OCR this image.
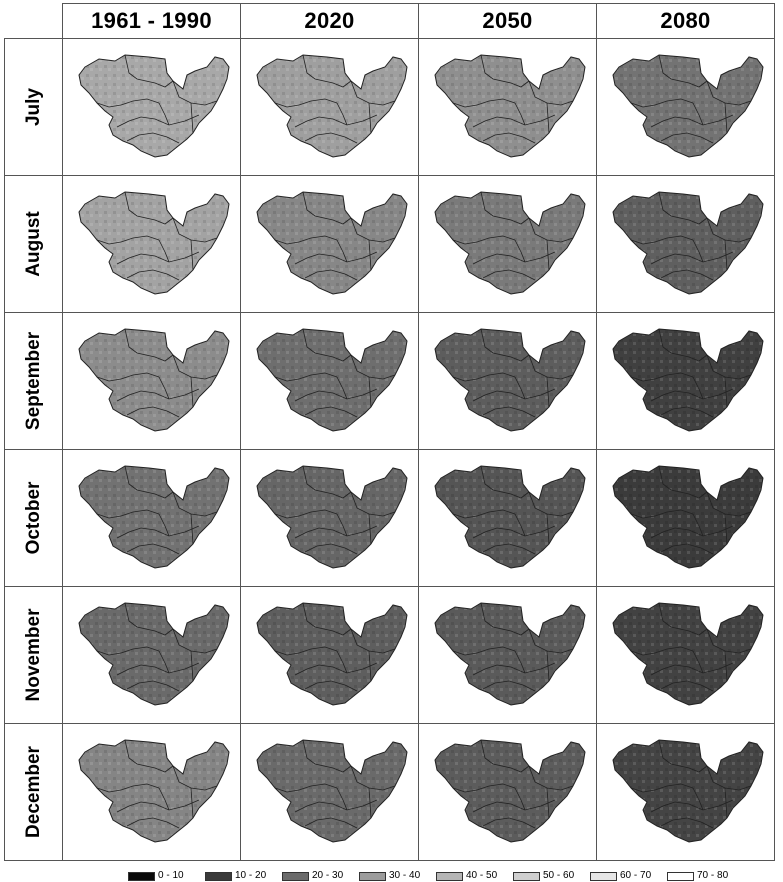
	1961 - 1990	2020	2050	2080

July

August

September

October

November

December

0 - 10	10 - 20	20 - 30	30 - 40	40 - 50	50 - 60	60 - 70	70 - 80
